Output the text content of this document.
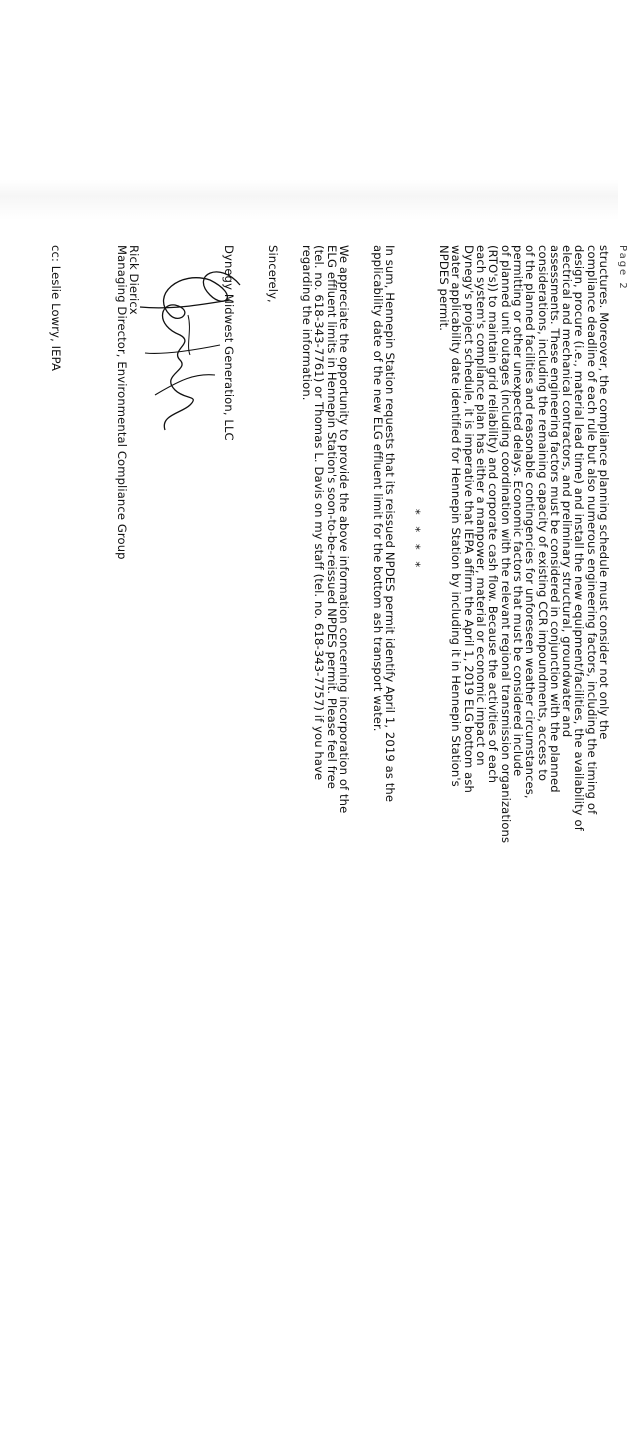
Page 2
structures. Moreover, the compliance planning schedule must consider not only the
compliance deadline of each rule but also numerous engineering factors, including the timing of
design, procure (i.e., material lead time) and install the new equipment/facilities, the availability of
electrical and mechanical contractors, and preliminary structural, groundwater and
assessments. These engineering factors must be considered in conjunction with the planned
considerations, including the remaining capacity of existing CCR impoundments, access to
of the planned facilities and reasonable contingencies for unforeseen weather circumstances,
permitting or other unexpected delays. Economic factors that must be considered include
of planned unit outages (including coordination with the relevant regional transmission organizations
(RTO's)) to maintain grid reliability) and corporate cash flow. Because the activities of each
each system's compliance plan has either a manpower, material or economic impact on
Dynegy's project schedule, it is imperative that IEPA affirm the April 1, 2019 ELG bottom ash
water applicability date identified for Hennepin Station by including it in Hennepin Station's
NPDES permit.
* * * *
In sum, Hennepin Station requests that its reissued NPDES permit identify April 1, 2019 as the
applicability date of the new ELG effluent limit for the bottom ash transport water.
We appreciate the opportunity to provide the above information concerning incorporation of the
ELG effluent limits in Hennepin Station's soon-to-be-reissued NPDES permit. Please feel free
(tel. no. 618-343-7761) or Thomas L. Davis on my staff (tel. no. 618-343-7757) if you have
regarding the information.
Sincerely,
Dynegy Midwest Generation, LLC
Rick Diericx
Managing Director, Environmental Compliance Group
cc: Leslie Lowry, IEPA
